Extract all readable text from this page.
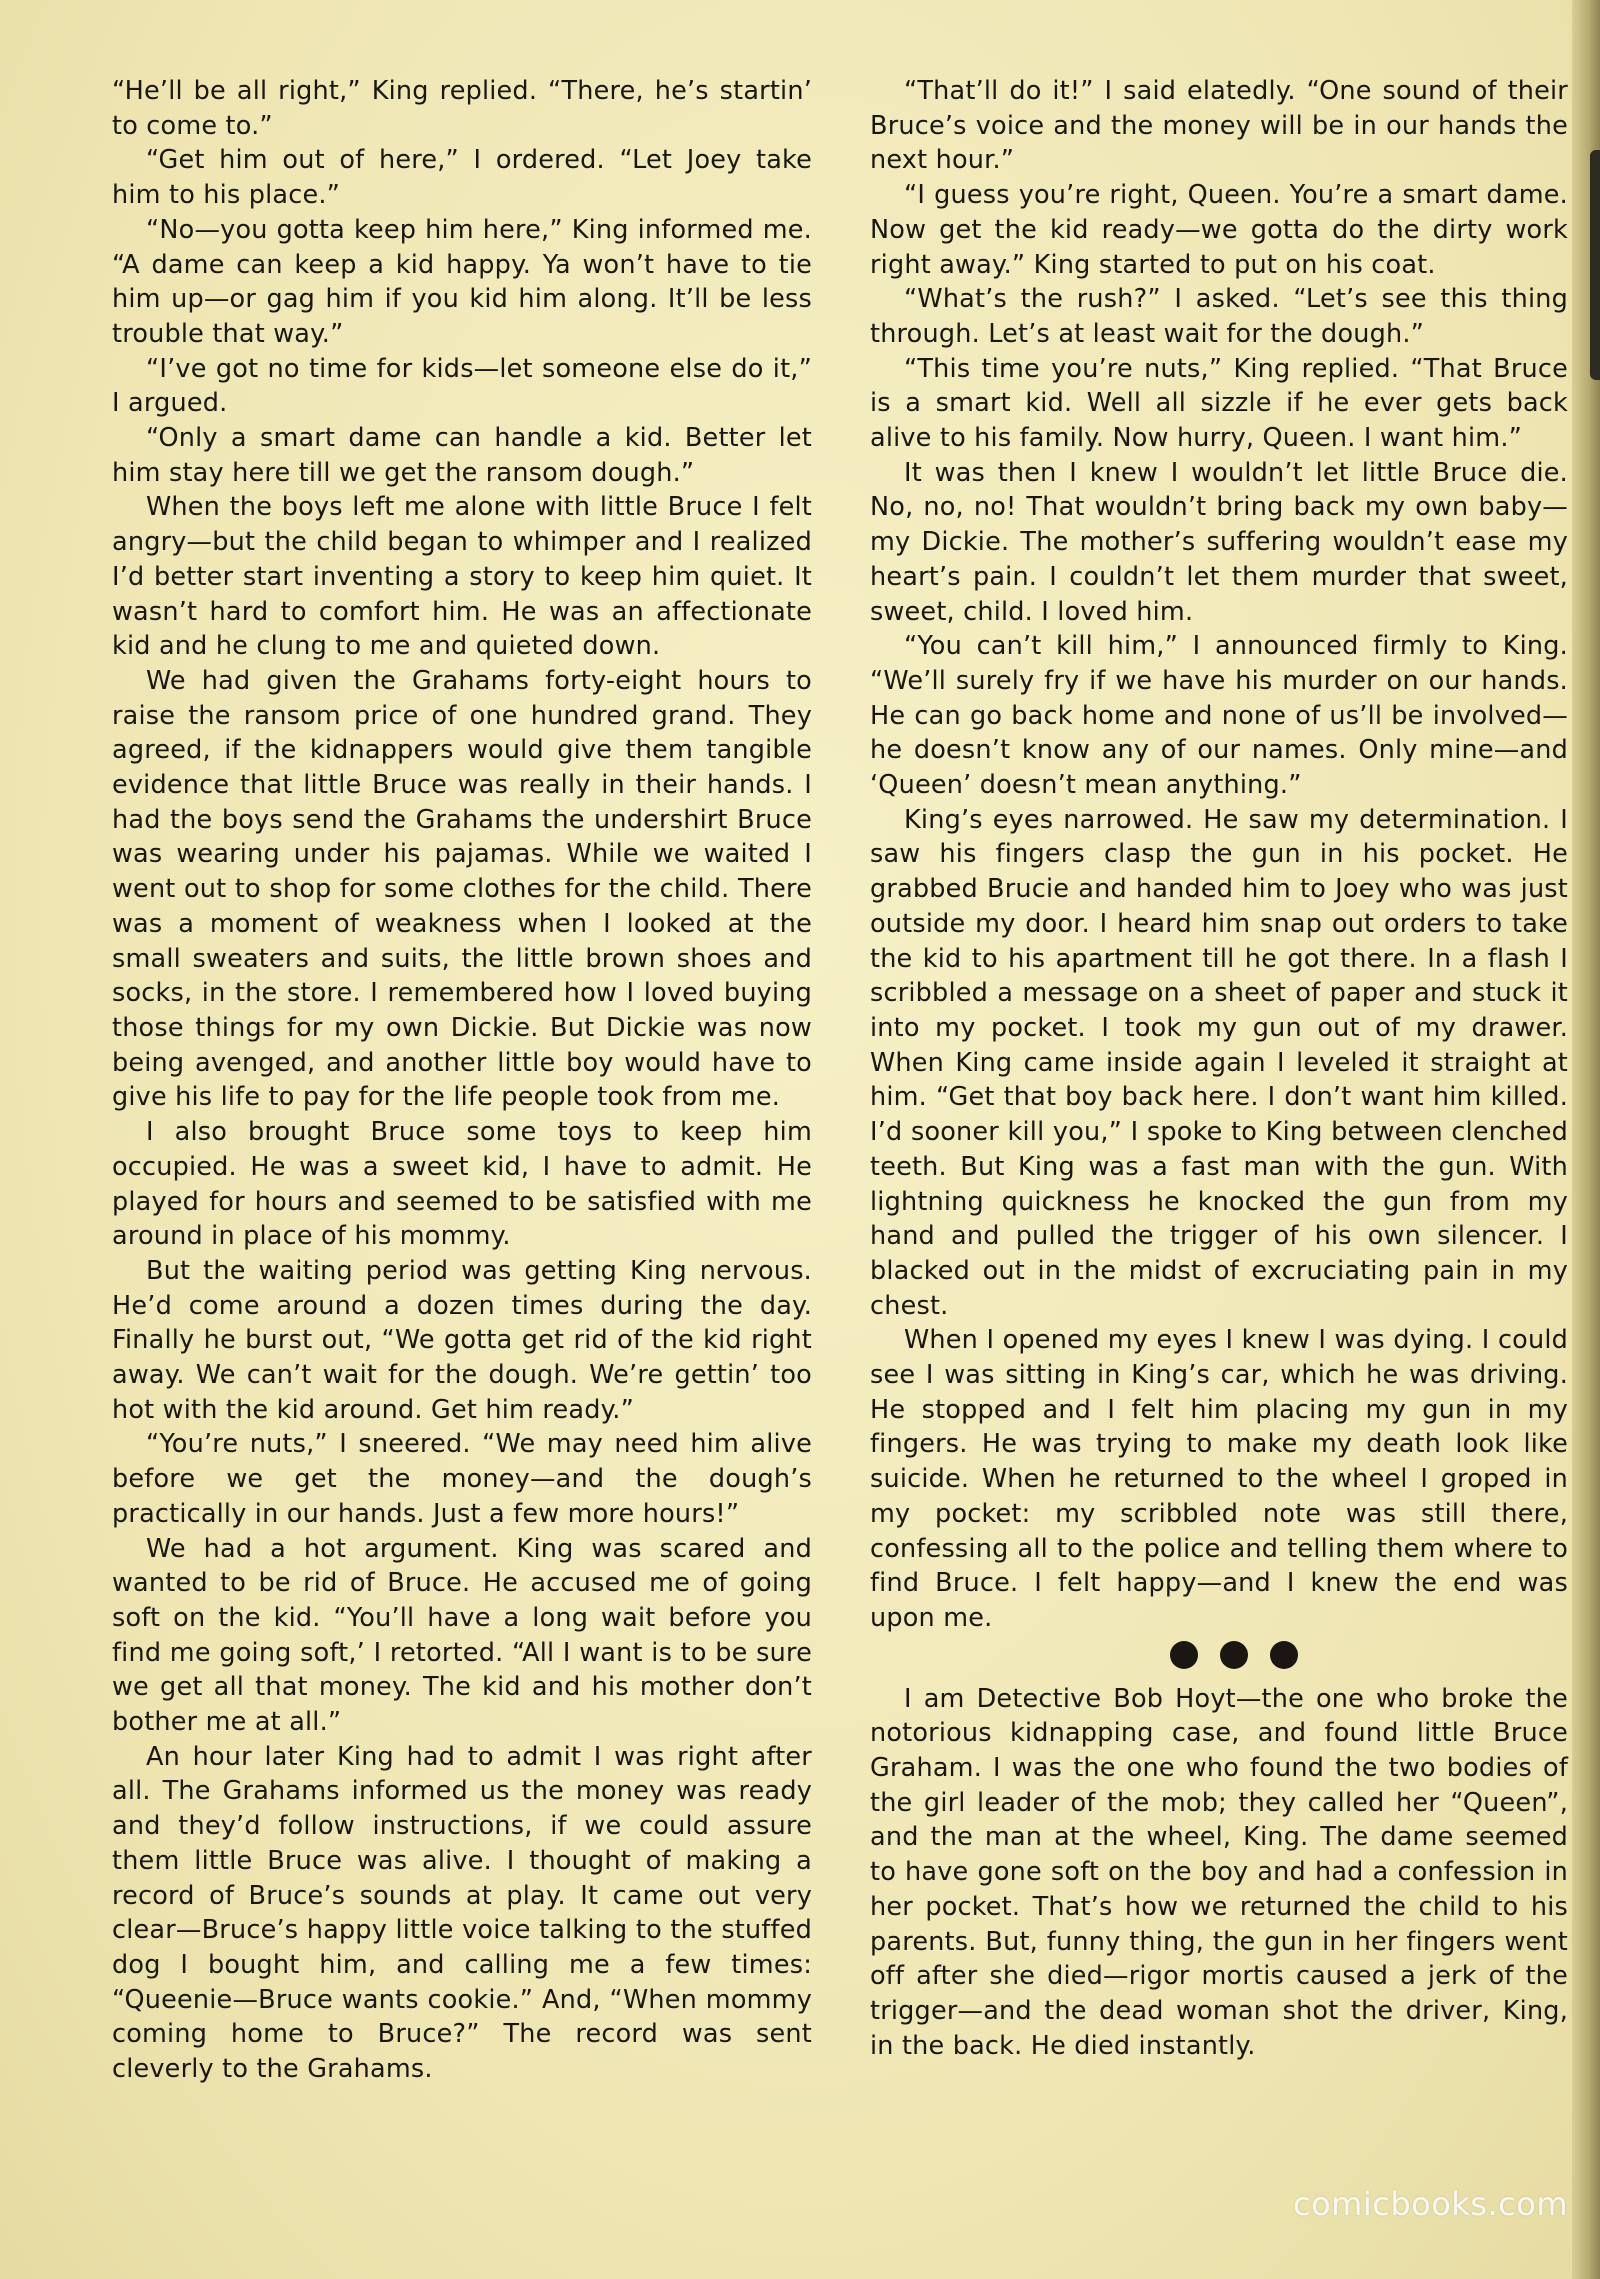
“He’ll be all right,” King replied. “There, he’s startin’ to come to.”

“Get him out of here,” I ordered. “Let Joey take him to his place.”

“No—you gotta keep him here,” King informed me. “A dame can keep a kid happy. Ya won’t have to tie him up—or gag him if you kid him along. It’ll be less trouble that way.”

“I’ve got no time for kids—let someone else do it,” I argued.

“Only a smart dame can handle a kid. Better let him stay here till we get the ransom dough.”

When the boys left me alone with little Bruce I felt angry—but the child began to whimper and I realized I’d better start inventing a story to keep him quiet. It wasn’t hard to comfort him. He was an affectionate kid and he clung to me and quieted down.

We had given the Grahams forty-eight hours to raise the ransom price of one hundred grand. They agreed, if the kidnappers would give them tangible evidence that little Bruce was really in their hands. I had the boys send the Grahams the undershirt Bruce was wearing under his pajamas. While we waited I went out to shop for some clothes for the child. There was a moment of weakness when I looked at the small sweaters and suits, the little brown shoes and socks, in the store. I remembered how I loved buying those things for my own Dickie. But Dickie was now being avenged, and another little boy would have to give his life to pay for the life people took from me.

I also brought Bruce some toys to keep him occupied. He was a sweet kid, I have to admit. He played for hours and seemed to be satisfied with me around in place of his mommy.

But the waiting period was getting King nervous. He’d come around a dozen times during the day. Finally he burst out, “We gotta get rid of the kid right away. We can’t wait for the dough. We’re gettin’ too hot with the kid around. Get him ready.”

“You’re nuts,” I sneered. “We may need him alive before we get the money—and the dough’s practically in our hands. Just a few more hours!”

We had a hot argument. King was scared and wanted to be rid of Bruce. He accused me of going soft on the kid. “You’ll have a long wait before you find me going soft,’ I retorted. “All I want is to be sure we get all that money. The kid and his mother don’t bother me at all.”

An hour later King had to admit I was right after all. The Grahams informed us the money was ready and they’d follow instructions, if we could assure them little Bruce was alive. I thought of making a record of Bruce’s sounds at play. It came out very clear—Bruce’s happy little voice talking to the stuffed dog I bought him, and calling me a few times: “Queenie—Bruce wants cookie.” And, “When mommy coming home to Bruce?” The record was sent cleverly to the Grahams.

“That’ll do it!” I said elatedly. “One sound of their Bruce’s voice and the money will be in our hands the next hour.”

“I guess you’re right, Queen. You’re a smart dame. Now get the kid ready—we gotta do the dirty work right away.” King started to put on his coat.

“What’s the rush?” I asked. “Let’s see this thing through. Let’s at least wait for the dough.”

“This time you’re nuts,” King replied. “That Bruce is a smart kid. Well all sizzle if he ever gets back alive to his family. Now hurry, Queen. I want him.”

It was then I knew I wouldn’t let little Bruce die. No, no, no! That wouldn’t bring back my own baby—my Dickie. The mother’s suffering wouldn’t ease my heart’s pain. I couldn’t let them murder that sweet, sweet, child. I loved him.

“You can’t kill him,” I announced firmly to King. “We’ll surely fry if we have his murder on our hands. He can go back home and none of us’ll be involved—he doesn’t know any of our names. Only mine—and ‘Queen’ doesn’t mean anything.”

King’s eyes narrowed. He saw my determination. I saw his fingers clasp the gun in his pocket. He grabbed Brucie and handed him to Joey who was just outside my door. I heard him snap out orders to take the kid to his apartment till he got there. In a flash I scribbled a message on a sheet of paper and stuck it into my pocket. I took my gun out of my drawer. When King came inside again I leveled it straight at him. “Get that boy back here. I don’t want him killed. I’d sooner kill you,” I spoke to King between clenched teeth. But King was a fast man with the gun. With lightning quickness he knocked the gun from my hand and pulled the trigger of his own silencer. I blacked out in the midst of excruciating pain in my chest.

When I opened my eyes I knew I was dying. I could see I was sitting in King’s car, which he was driving. He stopped and I felt him placing my gun in my fingers. He was trying to make my death look like suicide. When he returned to the wheel I groped in my pocket: my scribbled note was still there, confessing all to the police and telling them where to find Bruce. I felt happy—and I knew the end was upon me.

I am Detective Bob Hoyt—the one who broke the notorious kidnapping case, and found little Bruce Graham. I was the one who found the two bodies of the girl leader of the mob; they called her “Queen”, and the man at the wheel, King. The dame seemed to have gone soft on the boy and had a confession in her pocket. That’s how we returned the child to his parents. But, funny thing, the gun in her fingers went off after she died—rigor mortis caused a jerk of the trigger—and the dead woman shot the driver, King, in the back. He died instantly.

comicbooks.com
